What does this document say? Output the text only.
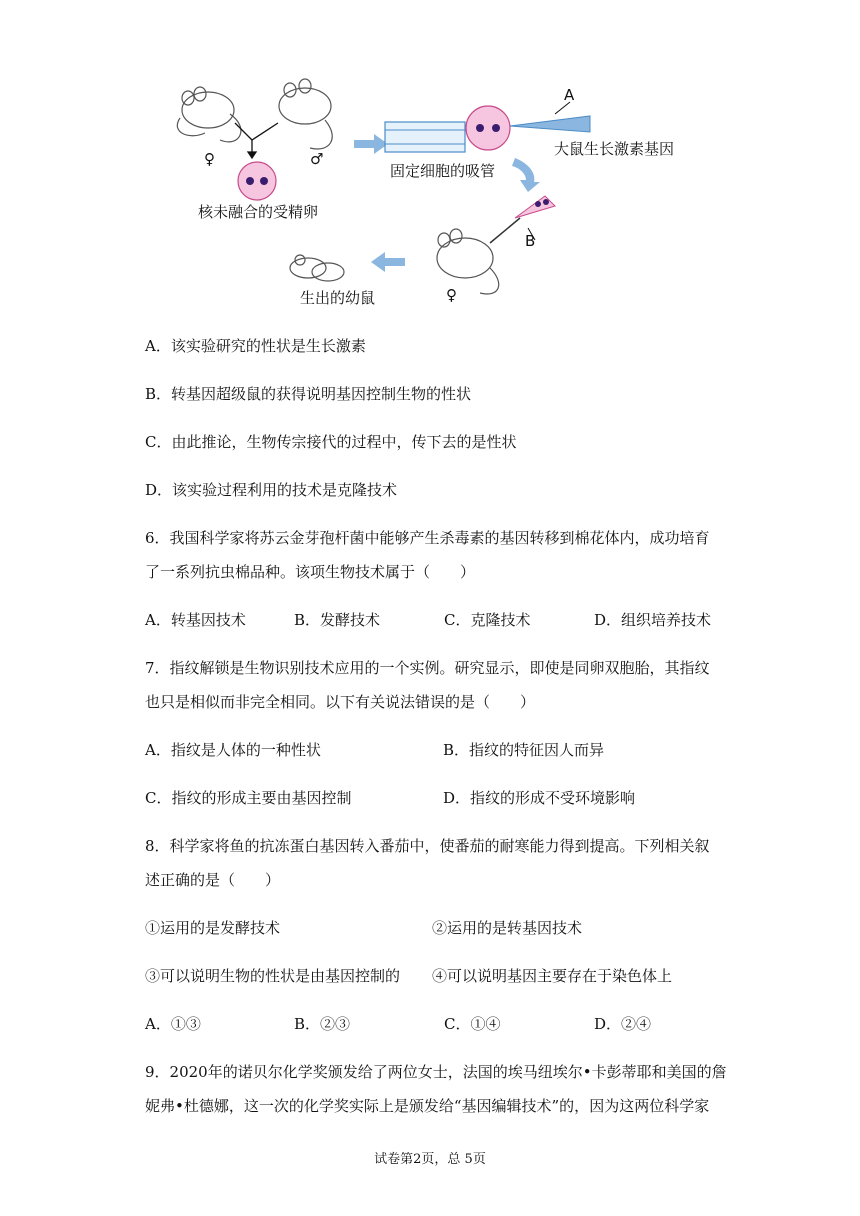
♀	♂
核未融合的受精卵
A
大鼠生长激素基因
固定细胞的吸管
B
♀
生出的幼鼠
A．该实验研究的性状是生长激素
B．转基因超级鼠的获得说明基因控制生物的性状
C．由此推论，生物传宗接代的过程中，传下去的是性状
D．该实验过程利用的技术是克隆技术
6．我国科学家将苏云金芽孢杆菌中能够产生杀毒素的基因转移到棉花体内，成功培育
了一系列抗虫棉品种。该项生物技术属于（　　）
A．转基因技术	B．发酵技术	C．克隆技术	D．组织培养技术
7．指纹解锁是生物识别技术应用的一个实例。研究显示，即使是同卵双胞胎，其指纹
也只是相似而非完全相同。以下有关说法错误的是（　　）
A．指纹是人体的一种性状	B．指纹的特征因人而异
C．指纹的形成主要由基因控制	D．指纹的形成不受环境影响
8．科学家将鱼的抗冻蛋白基因转入番茄中，使番茄的耐寒能力得到提高。下列相关叙
述正确的是（　　）
①运用的是发酵技术	②运用的是转基因技术
③可以说明生物的性状是由基因控制的 ④可以说明基因主要存在于染色体上
A．①③	B．②③	C．①④	D．②④
9．2020年的诺贝尔化学奖颁发给了两位女士，法国的埃马纽埃尔•卡彭蒂耶和美国的詹
妮弗•杜德娜，这一次的化学奖实际上是颁发给“基因编辑技术”的，因为这两位科学家
试卷第2页，总 5页
